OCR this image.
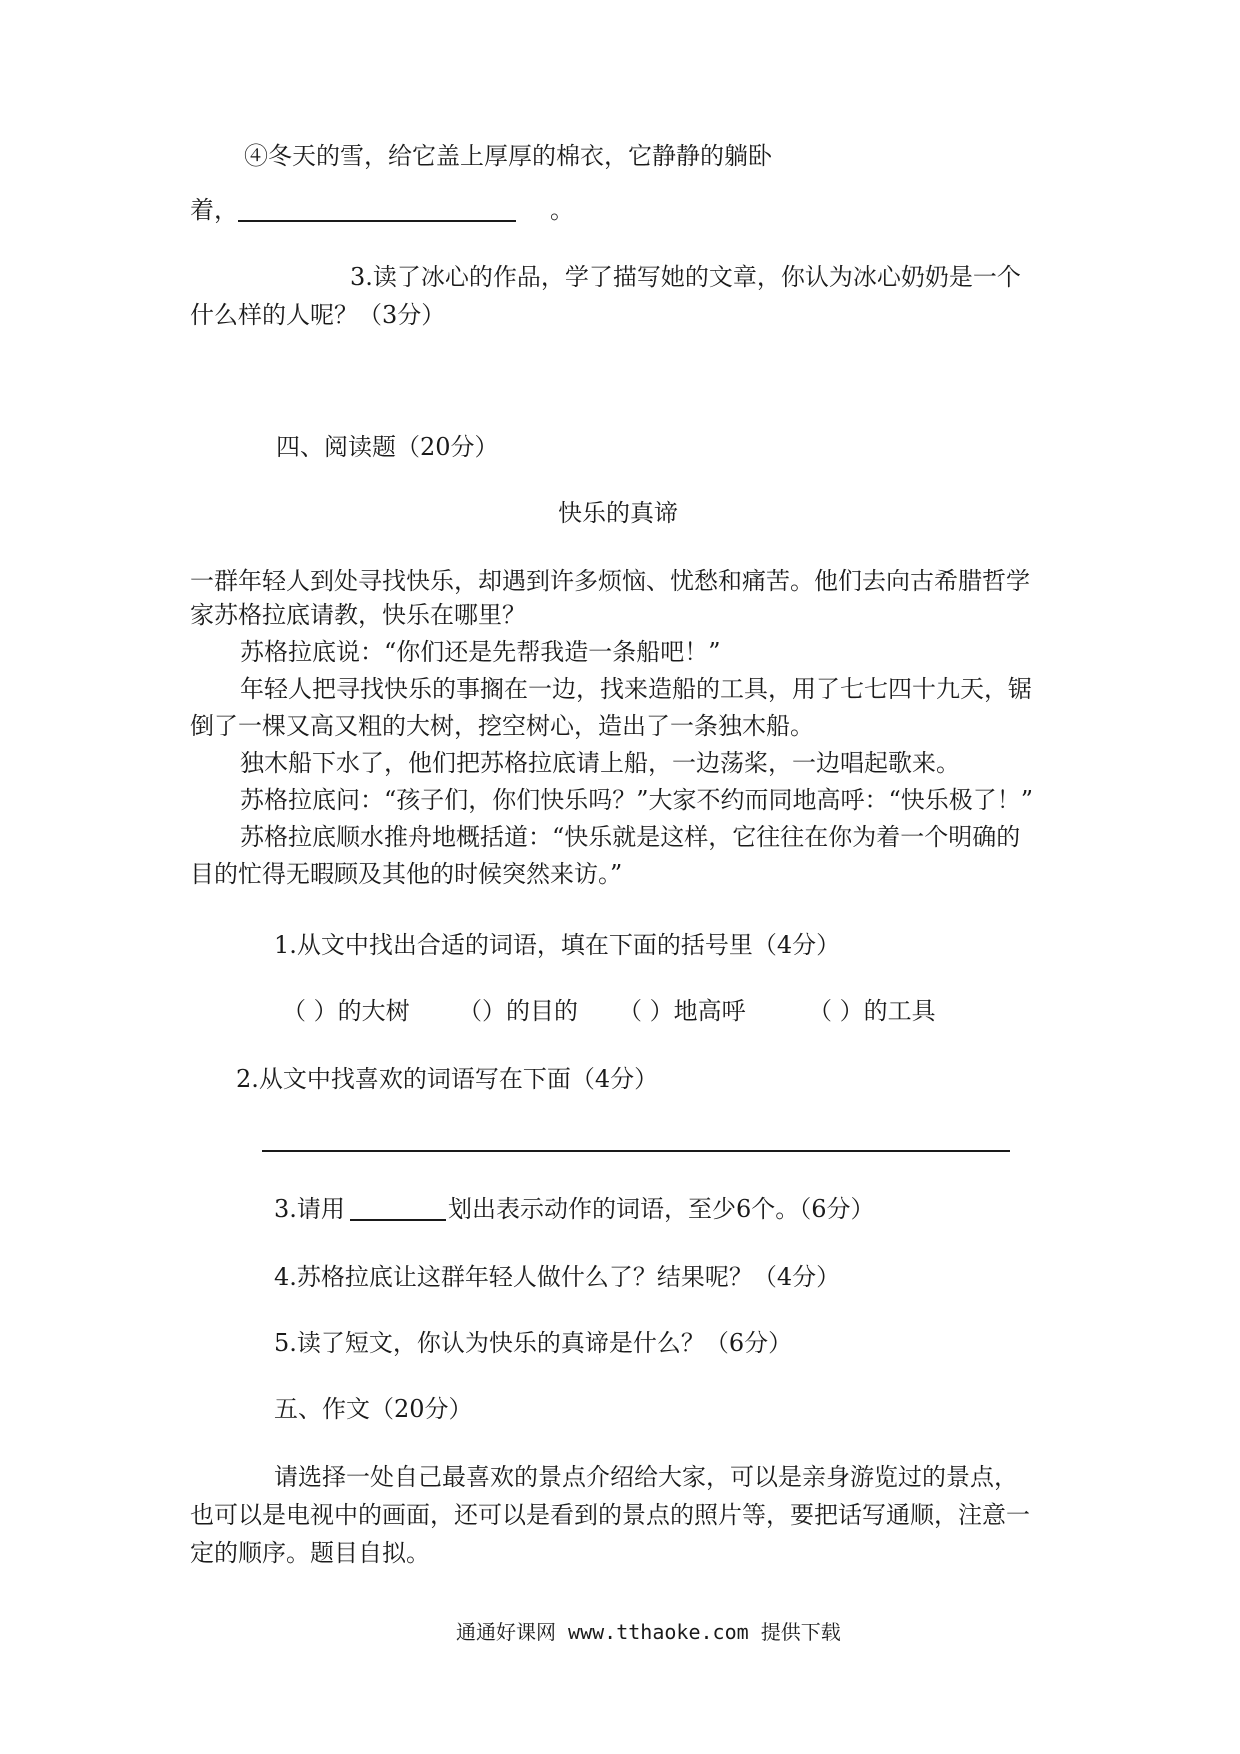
④冬天的雪，给它盖上厚厚的棉衣，它静静的躺卧
着，	。
3.读了冰心的作品，学了描写她的文章，你认为冰心奶奶是一个
什么样的人呢？（3分）
四、阅读题（20分）
快乐的真谛
一群年轻人到处寻找快乐，却遇到许多烦恼、忧愁和痛苦。他们去向古希腊哲学
家苏格拉底请教，快乐在哪里？
苏格拉底说：“你们还是先帮我造一条船吧！”
年轻人把寻找快乐的事搁在一边，找来造船的工具，用了七七四十九天，锯
倒了一棵又高又粗的大树，挖空树心，造出了一条独木船。
独木船下水了，他们把苏格拉底请上船，一边荡桨，一边唱起歌来。
苏格拉底问：“孩子们，你们快乐吗？”大家不约而同地高呼：“快乐极了！”
苏格拉底顺水推舟地概括道：“快乐就是这样，它往往在你为着一个明确的
目的忙得无暇顾及其他的时候突然来访。”
1.从文中找出合适的词语，填在下面的括号里（4分）
（ ）的大树 （）的目的 （ ）地高呼	（ ）的工具
2.从文中找喜欢的词语写在下面（4分）
3.请用	划出表示动作的词语，至少6个。（6分）
4.苏格拉底让这群年轻人做什么了？结果呢？（4分）
5.读了短文，你认为快乐的真谛是什么？（6分）
五、作文（20分）
请选择一处自己最喜欢的景点介绍给大家，可以是亲身游览过的景点，
也可以是电视中的画面，还可以是看到的景点的照片等，要把话写通顺，注意一
定的顺序。题目自拟。
通通好课网 www.tthaoke.com 提供下载
